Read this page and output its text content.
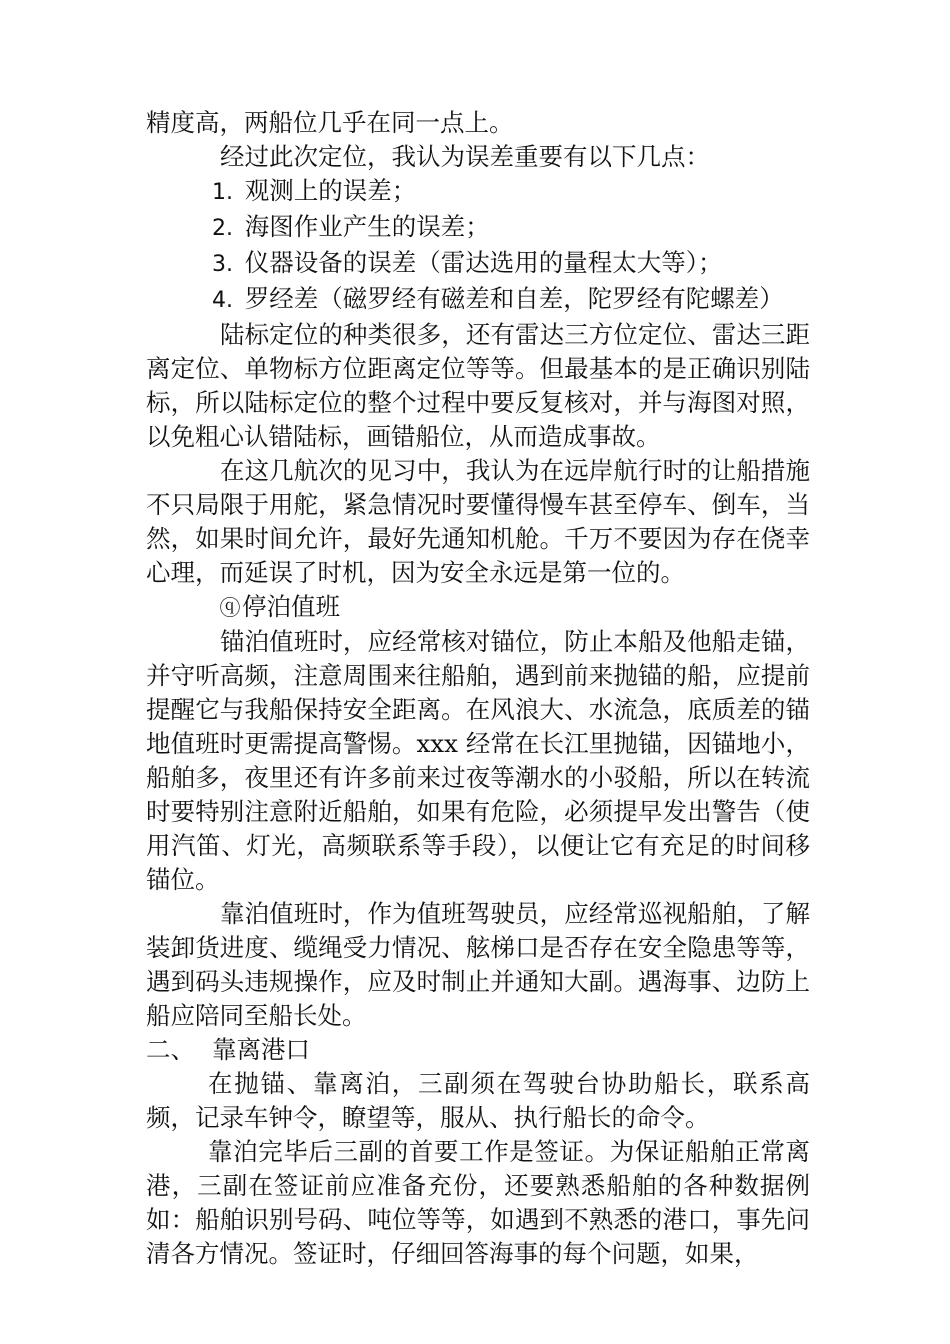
精度高，两船位几乎在同一点上。

经过此次定位，我认为误差重要有以下几点：

1. 观测上的误差；

2. 海图作业产生的误差；

3. 仪器设备的误差（雷达选用的量程太大等）；

4. 罗经差（磁罗经有磁差和自差，陀罗经有陀螺差）

陆标定位的种类很多，还有雷达三方位定位、雷达三距离定位、单物标方位距离定位等等。但最基本的是正确识别陆标，所以陆标定位的整个过程中要反复核对，并与海图对照，以免粗心认错陆标，画错船位，从而造成事故。

在这几航次的见习中，我认为在远岸航行时的让船措施不只局限于用舵，紧急情况时要懂得慢车甚至停车、倒车，当然，如果时间允许，最好先通知机舱。千万不要因为存在侥幸心理，而延误了时机，因为安全永远是第一位的。

ⓠ停泊值班

锚泊值班时，应经常核对锚位，防止本船及他船走锚，并守听高频，注意周围来往船舶，遇到前来抛锚的船，应提前提醒它与我船保持安全距离。在风浪大、水流急，底质差的锚地值班时更需提高警惕。xxx 经常在长江里抛锚，因锚地小，船舶多，夜里还有许多前来过夜等潮水的小驳船，所以在转流时要特别注意附近船舶，如果有危险，必须提早发出警告（使用汽笛、灯光，高频联系等手段），以便让它有充足的时间移锚位。

靠泊值班时，作为值班驾驶员，应经常巡视船舶，了解装卸货进度、缆绳受力情况、舷梯口是否存在安全隐患等等，遇到码头违规操作，应及时制止并通知大副。遇海事、边防上船应陪同至船长处。

二、 靠离港口

在抛锚、靠离泊，三副须在驾驶台协助船长，联系高频，记录车钟令，瞭望等，服从、执行船长的命令。

靠泊完毕后三副的首要工作是签证。为保证船舶正常离港，三副在签证前应准备充份，还要熟悉船舶的各种数据例如：船舶识别号码、吨位等等，如遇到不熟悉的港口，事先问清各方情况。签证时，仔细回答海事的每个问题，如果，
